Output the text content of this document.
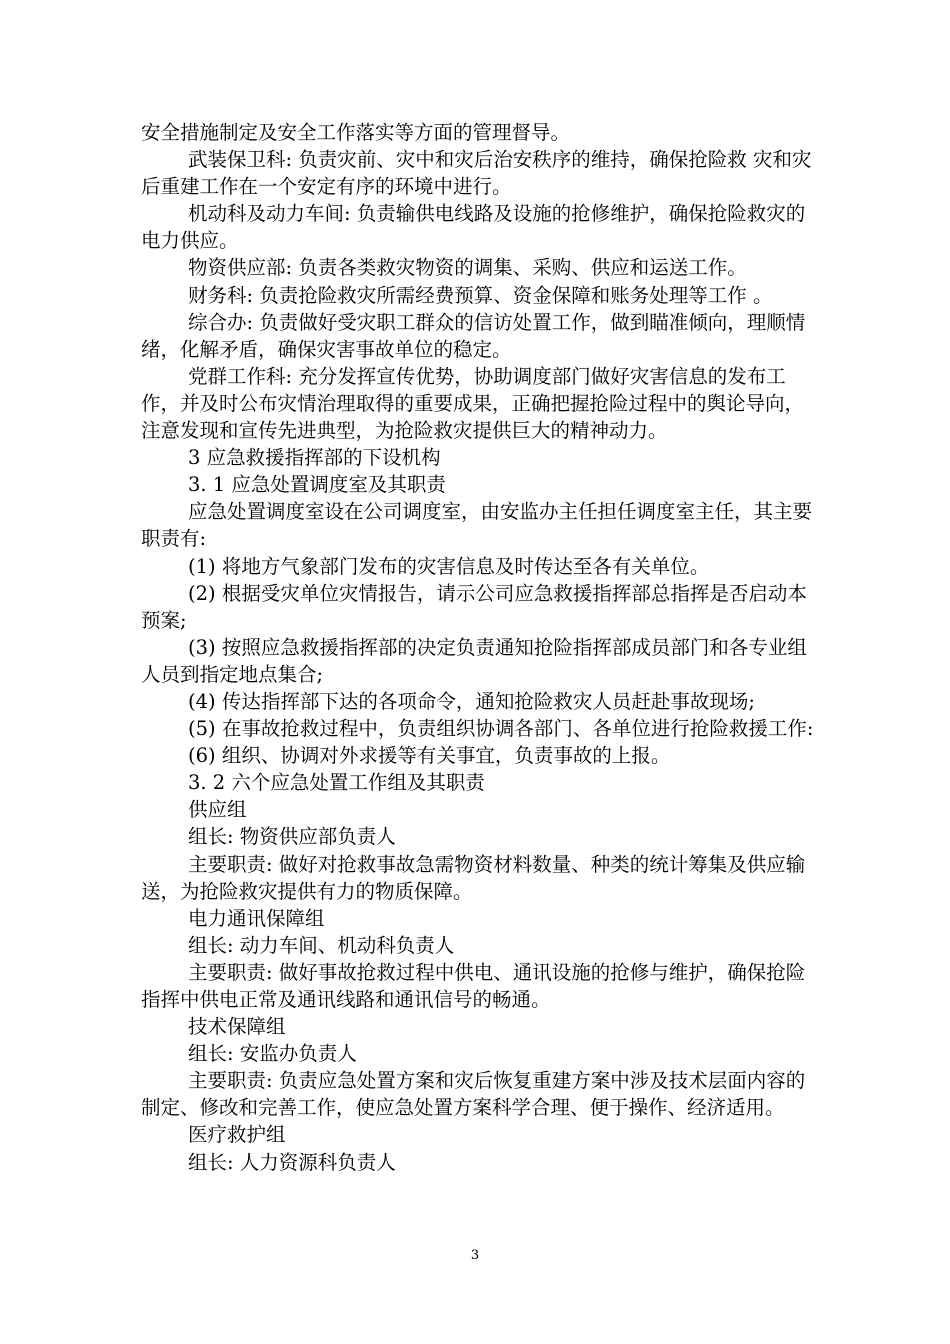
安全措施制定及安全工作落实等方面的管理督导。

武装保卫科: 负责灾前、灾中和灾后治安秩序的维持，确保抢险救 灾和灾后重建工作在一个安定有序的环境中进行。

机动科及动力车间: 负责输供电线路及设施的抢修维护，确保抢险救灾的电力供应。

物资供应部: 负责各类救灾物资的调集、采购、供应和运送工作。

财务科: 负责抢险救灾所需经费预算、资金保障和账务处理等工作 。

综合办: 负责做好受灾职工群众的信访处置工作，做到瞄准倾向，理顺情绪，化解矛盾，确保灾害事故单位的稳定。

党群工作科: 充分发挥宣传优势，协助调度部门做好灾害信息的发布工作，并及时公布灾情治理取得的重要成果，正确把握抢险过程中的舆论导向，注意发现和宣传先进典型，为抢险救灾提供巨大的精神动力。

3 应急救援指挥部的下设机构

3. 1 应急处置调度室及其职责

应急处置调度室设在公司调度室，由安监办主任担任调度室主任，其主要职责有:

(1) 将地方气象部门发布的灾害信息及时传达至各有关单位。

(2) 根据受灾单位灾情报告，请示公司应急救援指挥部总指挥是否启动本预案;

(3) 按照应急救援指挥部的决定负责通知抢险指挥部成员部门和各专业组人员到指定地点集合;

(4) 传达指挥部下达的各项命令，通知抢险救灾人员赶赴事故现场;

(5) 在事故抢救过程中，负责组织协调各部门、各单位进行抢险救援工作:

(6) 组织、协调对外求援等有关事宜，负责事故的上报。

3. 2 六个应急处置工作组及其职责

供应组

组长: 物资供应部负责人

主要职责: 做好对抢救事故急需物资材料数量、种类的统计筹集及供应输送，为抢险救灾提供有力的物质保障。

电力通讯保障组

组长: 动力车间、机动科负责人

主要职责: 做好事故抢救过程中供电、通讯设施的抢修与维护，确保抢险指挥中供电正常及通讯线路和通讯信号的畅通。

技术保障组

组长: 安监办负责人

主要职责: 负责应急处置方案和灾后恢复重建方案中涉及技术层面内容的制定、修改和完善工作，使应急处置方案科学合理、便于操作、经济适用。

医疗救护组

组长: 人力资源科负责人

3
